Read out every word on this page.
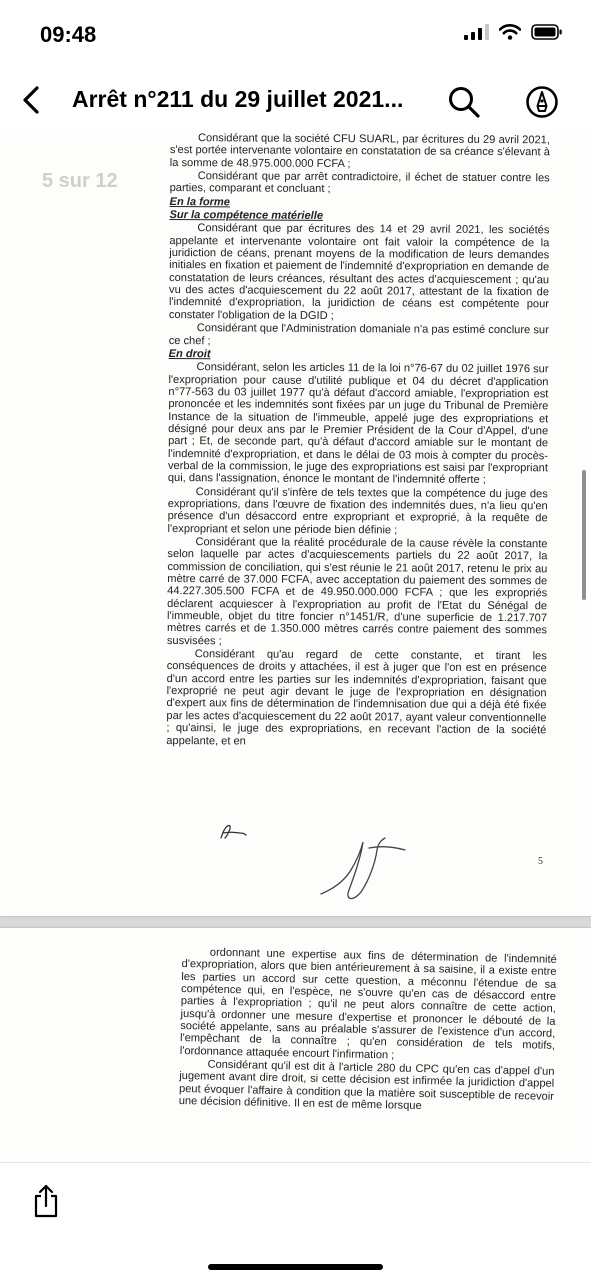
09:48
Arrêt n°211 du 29 juillet 2021...
5 sur 12

Considérant que la société CFU SUARL, par écritures du 29 avril 2021, s'est portée intervenante volontaire en constatation de sa créance s'élevant à la somme de 48.975.000.000 FCFA ;

Considérant que par arrêt contradictoire, il échet de statuer contre les parties, comparant et concluant ;

En la forme
Sur la compétence matérielle

Considérant que par écritures des 14 et 29 avril 2021, les sociétés appelante et intervenante volontaire ont fait valoir la compétence de la juridiction de céans, prenant moyens de la modification de leurs demandes initiales en fixation et paiement de l'indemnité d'expropriation en demande de constatation de leurs créances, résultant des actes d'acquiescement ; qu'au vu des actes d'acquiescement du 22 août 2017, attestant de la fixation de l'indemnité d'expropriation, la juridiction de céans est compétente pour constater l'obligation de la DGID ;

Considérant que l'Administration domaniale n'a pas estimé conclure sur ce chef ;

En droit

Considérant, selon les articles 11 de la loi n°76-67 du 02 juillet 1976 sur l'expropriation pour cause d'utilité publique et 04 du décret d'application n°77-563 du 03 juillet 1977 qu'à défaut d'accord amiable, l'expropriation est prononcée et les indemnités sont fixées par un juge du Tribunal de Première Instance de la situation de l'immeuble, appelé juge des expropriations et désigné pour deux ans par le Premier Président de la Cour d'Appel, d'une part ; Et, de seconde part, qu'à défaut d'accord amiable sur le montant de l'indemnité d'expropriation, et dans le délai de 03 mois à compter du procès-verbal de la commission, le juge des expropriations est saisi par l'expropriant qui, dans l'assignation, énonce le montant de l'indemnité offerte ;

Considérant qu'il s'infère de tels textes que la compétence du juge des expropriations, dans l'œuvre de fixation des indemnités dues, n'a lieu qu'en présence d'un désaccord entre expropriant et exproprié, à la requête de l'expropriant et selon une période bien définie ;

Considérant que la réalité procédurale de la cause révèle la constante selon laquelle par actes d'acquiescements partiels du 22 août 2017, la commission de conciliation, qui s'est réunie le 21 août 2017, retenu le prix au mètre carré de 37.000 FCFA, avec acceptation du paiement des sommes de 44.227.305.500 FCFA et de 49.950.000.000 FCFA ; que les expropriés déclarent acquiescer à l'expropriation au profit de l'Etat du Sénégal de l'immeuble, objet du titre foncier n°1451/R, d'une superficie de 1.217.707 mètres carrés et de 1.350.000 mètres carrés contre paiement des sommes susvisées ;

Considérant qu'au regard de cette constante, et tirant les conséquences de droits y attachées, il est à juger que l'on est en présence d'un accord entre les parties sur les indemnités d'expropriation, faisant que l'exproprié ne peut agir devant le juge de l'expropriation en désignation d'expert aux fins de détermination de l'indemnisation due qui a déjà été fixée par les actes d'acquiescement du 22 août 2017, ayant valeur conventionnelle ; qu'ainsi, le juge des expropriations, en recevant l'action de la société appelante, et en

5

ordonnant une expertise aux fins de détermination de l'indemnité d'expropriation, alors que bien antérieurement à sa saisine, il a existe entre les parties un accord sur cette question, a méconnu l'étendue de sa compétence qui, en l'espèce, ne s'ouvre qu'en cas de désaccord entre parties à l'expropriation ; qu'il ne peut alors connaître de cette action, jusqu'à ordonner une mesure d'expertise et prononcer le débouté de la société appelante, sans au préalable s'assurer de l'existence d'un accord, l'empêchant de la connaître ; qu'en considération de tels motifs, l'ordonnance attaquée encourt l'infirmation ;

Considérant qu'il est dit à l'article 280 du CPC qu'en cas d'appel d'un jugement avant dire droit, si cette décision est infirmée la juridiction d'appel peut évoquer l'affaire à condition que la matière soit susceptible de recevoir une décision définitive. Il en est de même lorsque
